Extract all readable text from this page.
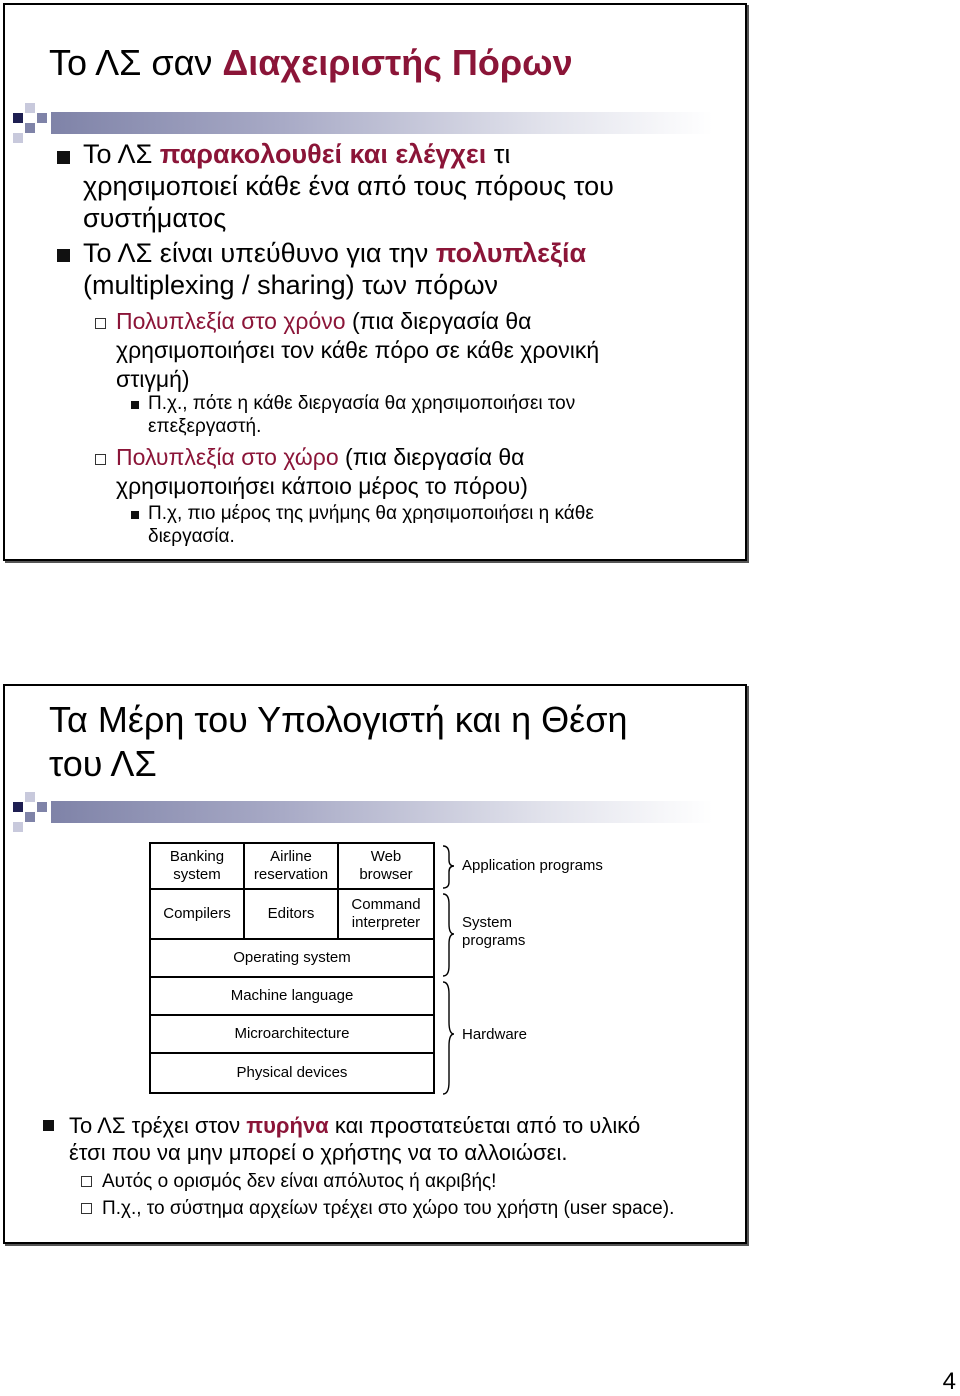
Το ΛΣ σαν Διαχειριστής Πόρων
Το ΛΣ παρακολουθεί και ελέγχει τι
χρησιμοποιεί κάθε ένα από τους πόρους του
συστήματος
Το ΛΣ είναι υπεύθυνο για την πολυπλεξία
(multiplexing / sharing) των πόρων
Πολυπλεξία στο χρόνο (πια διεργασία θα
χρησιμοποιήσει τον κάθε πόρο σε κάθε χρονική
στιγμή)
Π.χ., πότε η κάθε διεργασία θα χρησιμοποιήσει τον
επεξεργαστή.
Πολυπλεξία στο χώρο (πια διεργασία θα
χρησιμοποιήσει κάποιο μέρος το πόρου)
Π.χ, πιο μέρος της μνήμης θα χρησιμοποιήσει η κάθε
διεργασία.
Τα Μέρη του Υπολογιστή και η Θέση
του ΛΣ
Banking
system
Airline
reservation
Web
browser
Compilers Editors
Command
interpreter
Operating system
Machine language
Microarchitecture
Physical devices
Application programs
System
programs
Hardware
Το ΛΣ τρέχει στον πυρήνα και προστατεύεται από το υλικό
έτσι που να μην μπορεί ο χρήστης να το αλλοιώσει.
Αυτός ο ορισμός δεν είναι απόλυτος ή ακριβής!
Π.χ., το σύστημα αρχείων τρέχει στο χώρο του χρήστη (user space).
4
